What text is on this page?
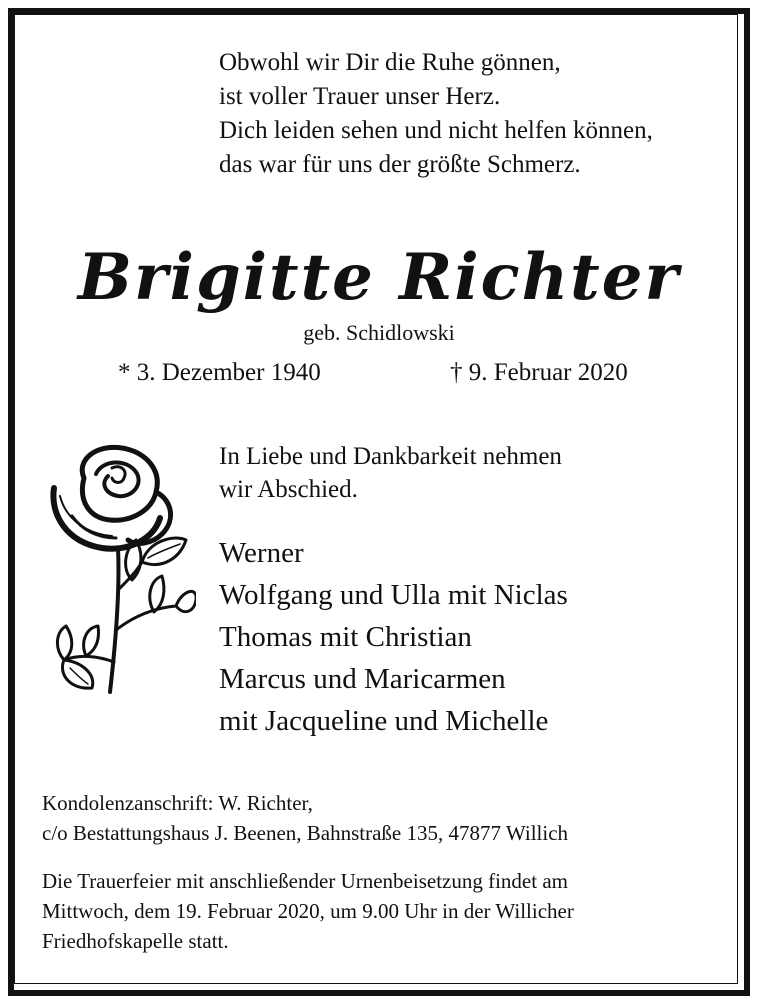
Obwohl wir Dir die Ruhe gönnen,
ist voller Trauer unser Herz.
Dich leiden sehen und nicht helfen können,
das war für uns der größte Schmerz.
Brigitte Richter
geb. Schidlowski
* 3. Dezember 1940	† 9. Februar 2020
In Liebe und Dankbarkeit nehmen
wir Abschied.
Werner
Wolfgang und Ulla mit Niclas
Thomas mit Christian
Marcus und Maricarmen
mit Jacqueline und Michelle
Kondolenzanschrift: W. Richter,
c/o Bestattungshaus J. Beenen, Bahnstraße 135, 47877 Willich
Die Trauerfeier mit anschließender Urnenbeisetzung findet am
Mittwoch, dem 19. Februar 2020, um 9.00 Uhr in der Willicher
Friedhofskapelle statt.
